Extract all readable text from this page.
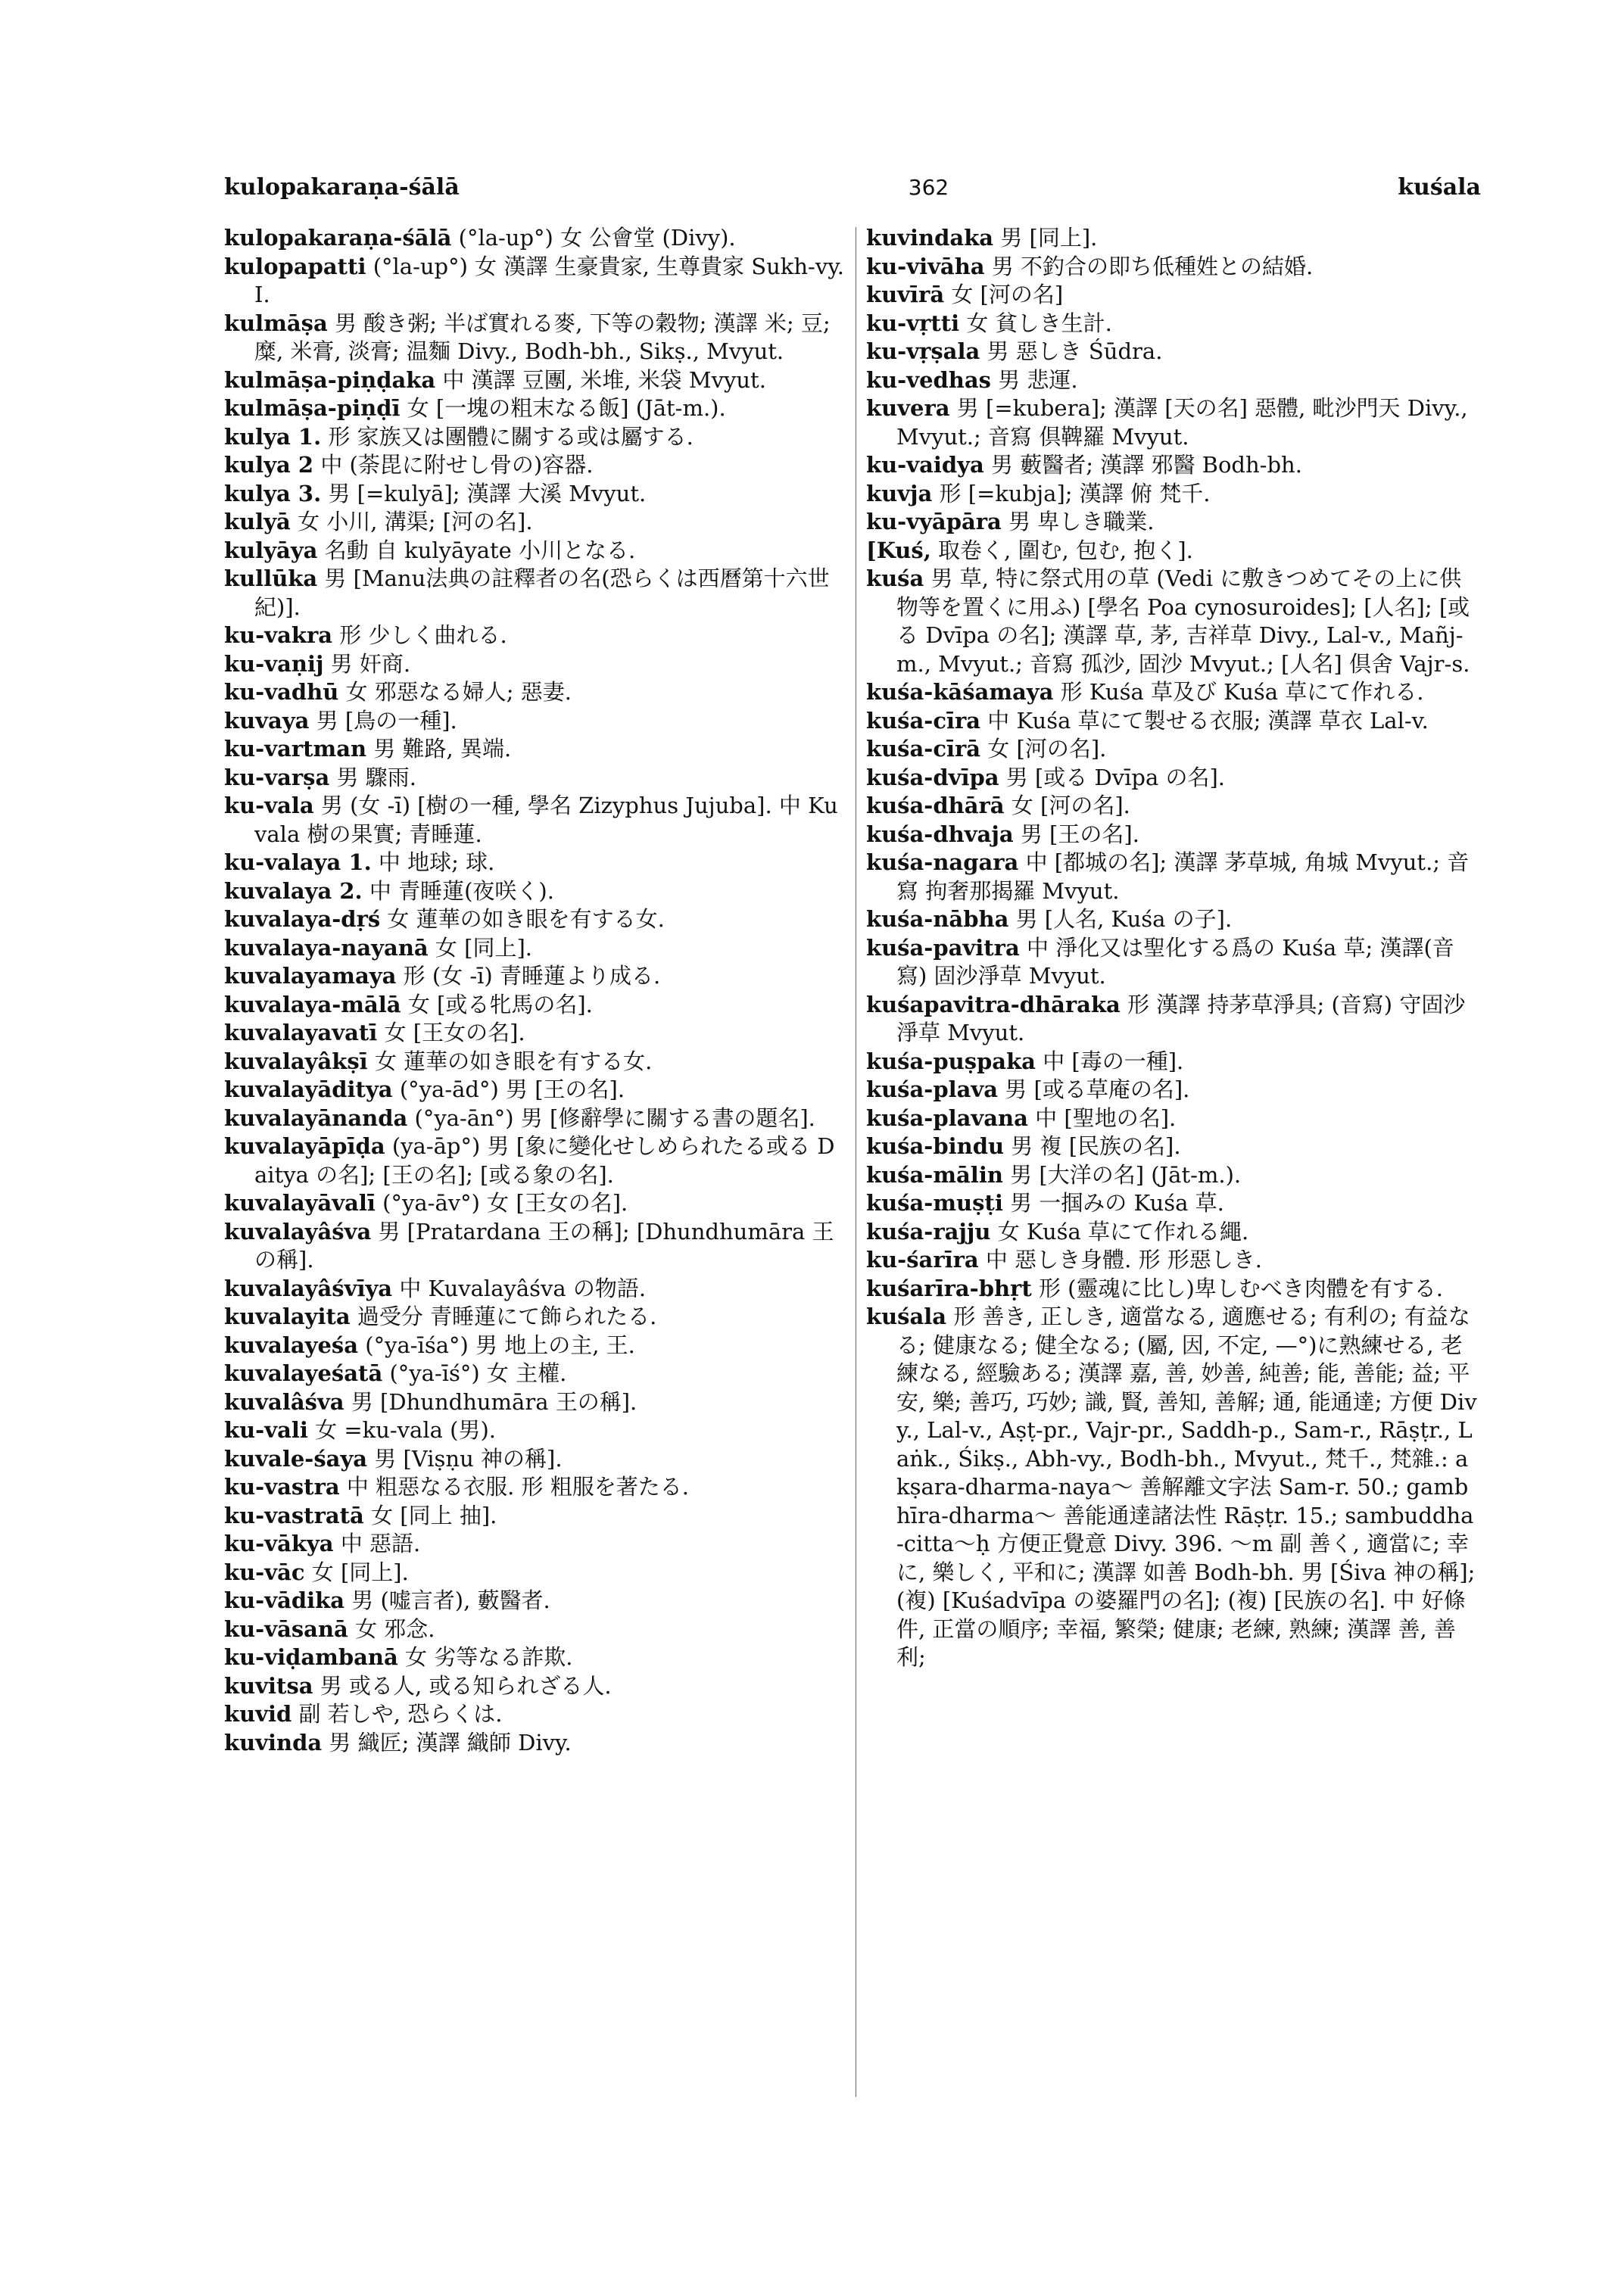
kulopakaraṇa-śālā	362	kuśala

kulopakaraṇa-śālā (°la-up°) 女 公會堂 (Divy).

kulopapatti (°la-up°) 女 漢譯 生豪貴家, 生尊貴家 Sukh-vy. I.

kulmāṣa 男 酸き粥; 半ば實れる麥, 下等の穀物; 漢譯 米; 豆; 糜, 米膏, 淡膏; 温麵 Divy., Bodh-bh., Sikṣ., Mvyut.

kulmāṣa-piṇḍaka 中 漢譯 豆團, 米堆, 米袋 Mvyut.

kulmāṣa-piṇḍī 女 [一塊の粗末なる飯] (Jāt-m.).

kulya 1. 形 家族又は團體に關する或は屬する.

kulya 2 中 (荼毘に附せし骨の)容器.

kulya 3. 男 [=kulyā]; 漢譯 大溪 Mvyut.

kulyā 女 小川, 溝渠; [河の名].

kulyāya 名動 自 kulyāyate 小川となる.

kullūka 男 [Manu法典の註釋者の名(恐らくは西曆第十六世紀)].

ku-vakra 形 少しく曲れる.

ku-vaṇij 男 奸商.

ku-vadhū 女 邪惡なる婦人; 惡妻.

kuvaya 男 [鳥の一種].

ku-vartman 男 難路, 異端.

ku-varṣa 男 驟雨.

ku-vala 男 (女 -ī) [樹の一種, 學名 Zizyphus Jujuba]. 中 Kuvala 樹の果實; 青睡蓮.

ku-valaya 1. 中 地球; 球.

kuvalaya 2. 中 青睡蓮(夜咲く).

kuvalaya-dṛś 女 蓮華の如き眼を有する女.

kuvalaya-nayanā 女 [同上].

kuvalayamaya 形 (女 -ī) 青睡蓮より成る.

kuvalaya-mālā 女 [或る牝馬の名].

kuvalayavatī 女 [王女の名].

kuvalayâkṣī 女 蓮華の如き眼を有する女.

kuvalayāditya (°ya-ād°) 男 [王の名].

kuvalayānanda (°ya-ān°) 男 [修辭學に關する書の題名].

kuvalayāpīḍa (ya-āp°) 男 [象に變化せしめられたる或る Daitya の名]; [王の名]; [或る象の名].

kuvalayāvalī (°ya-āv°) 女 [王女の名].

kuvalayâśva 男 [Pratardana 王の稱]; [Dhundhumāra 王の稱].

kuvalayâśvīya 中 Kuvalayâśva の物語.

kuvalayita 過受分 青睡蓮にて飾られたる.

kuvalayeśa (°ya-īśa°) 男 地上の主, 王.

kuvalayeśatā (°ya-īś°) 女 主權.

kuvalâśva 男 [Dhundhumāra 王の稱].

ku-vali 女 =ku-vala (男).

kuvale-śaya 男 [Viṣṇu 神の稱].

ku-vastra 中 粗惡なる衣服. 形 粗服を著たる.

ku-vastratā 女 [同上 抽].

ku-vākya 中 惡語.

ku-vāc 女 [同上].

ku-vādika 男 (嘘言者), 藪醫者.

ku-vāsanā 女 邪念.

ku-viḍambanā 女 劣等なる詐欺.

kuvitsa 男 或る人, 或る知られざる人.

kuvid 副 若しや, 恐らくは.

kuvinda 男 織匠; 漢譯 織師 Divy.

kuvindaka 男 [同上].

ku-vivāha 男 不釣合の即ち低種姓との結婚.

kuvīrā 女 [河の名]

ku-vṛtti 女 貧しき生計.

ku-vṛṣala 男 惡しき Śūdra.

ku-vedhas 男 悲運.

kuvera 男 [=kubera]; 漢譯 [天の名] 惡體, 毗沙門天 Divy., Mvyut.; 音寫 倶鞞羅 Mvyut.

ku-vaidya 男 藪醫者; 漢譯 邪醫 Bodh-bh.

kuvja 形 [=kubja]; 漢譯 俯 梵千.

ku-vyāpāra 男 卑しき職業.

[Kuś, 取卷く, 圍む, 包む, 抱く].

kuśa 男 草, 特に祭式用の草 (Vedi に敷きつめてその上に供物等を置くに用ふ) [學名 Poa cynosuroides]; [人名]; [或る Dvīpa の名]; 漢譯 草, 茅, 吉祥草 Divy., Lal-v., Mañj-m., Mvyut.; 音寫 孤沙, 固沙 Mvyut.; [人名] 倶舍 Vajr-s.

kuśa-kāśamaya 形 Kuśa 草及び Kuśa 草にて作れる.

kuśa-cīra 中 Kuśa 草にて製せる衣服; 漢譯 草衣 Lal-v.

kuśa-cīrā 女 [河の名].

kuśa-dvīpa 男 [或る Dvīpa の名].

kuśa-dhārā 女 [河の名].

kuśa-dhvaja 男 [王の名].

kuśa-nagara 中 [都城の名]; 漢譯 茅草城, 角城 Mvyut.; 音寫 拘奢那揭羅 Mvyut.

kuśa-nābha 男 [人名, Kuśa の子].

kuśa-pavitra 中 淨化又は聖化する爲の Kuśa 草; 漢譯(音寫) 固沙淨草 Mvyut.

kuśapavitra-dhāraka 形 漢譯 持茅草淨具; (音寫) 守固沙淨草 Mvyut.

kuśa-puṣpaka 中 [毒の一種].

kuśa-plava 男 [或る草庵の名].

kuśa-plavana 中 [聖地の名].

kuśa-bindu 男 複 [民族の名].

kuśa-mālin 男 [大洋の名] (Jāt-m.).

kuśa-muṣṭi 男 一掴みの Kuśa 草.

kuśa-rajju 女 Kuśa 草にて作れる繩.

ku-śarīra 中 惡しき身體. 形 形惡しき.

kuśarīra-bhṛt 形 (靈魂に比し)卑しむべき肉體を有する.

kuśala 形 善き, 正しき, 適當なる, 適應せる; 有利の; 有益なる; 健康なる; 健全なる; (屬, 因, 不定, —°)に熟練せる, 老練なる, 經驗ある; 漢譯 嘉, 善, 妙善, 純善; 能, 善能; 益; 平安, 樂; 善巧, 巧妙; 識, 賢, 善知, 善解; 通, 能通達; 方便 Divy., Lal-v., Aṣṭ-pr., Vajr-pr., Saddh-p., Sam-r., Rāṣṭr., Laṅk., Śikṣ., Abh-vy., Bodh-bh., Mvyut., 梵千., 梵雜.: akṣara-dharma-naya〜 善解離文字法 Sam-r. 50.; gambhīra-dharma〜 善能通達諸法性 Rāṣṭr. 15.; sambuddha-citta〜ḥ 方便正覺意 Divy. 396. 〜m 副 善く, 適當に; 幸に, 樂しく, 平和に; 漢譯 如善 Bodh-bh. 男 [Śiva 神の稱]; (複) [Kuśadvīpa の婆羅門の名]; (複) [民族の名]. 中 好條件, 正當の順序; 幸福, 繁榮; 健康; 老練, 熟練; 漢譯 善, 善利;
